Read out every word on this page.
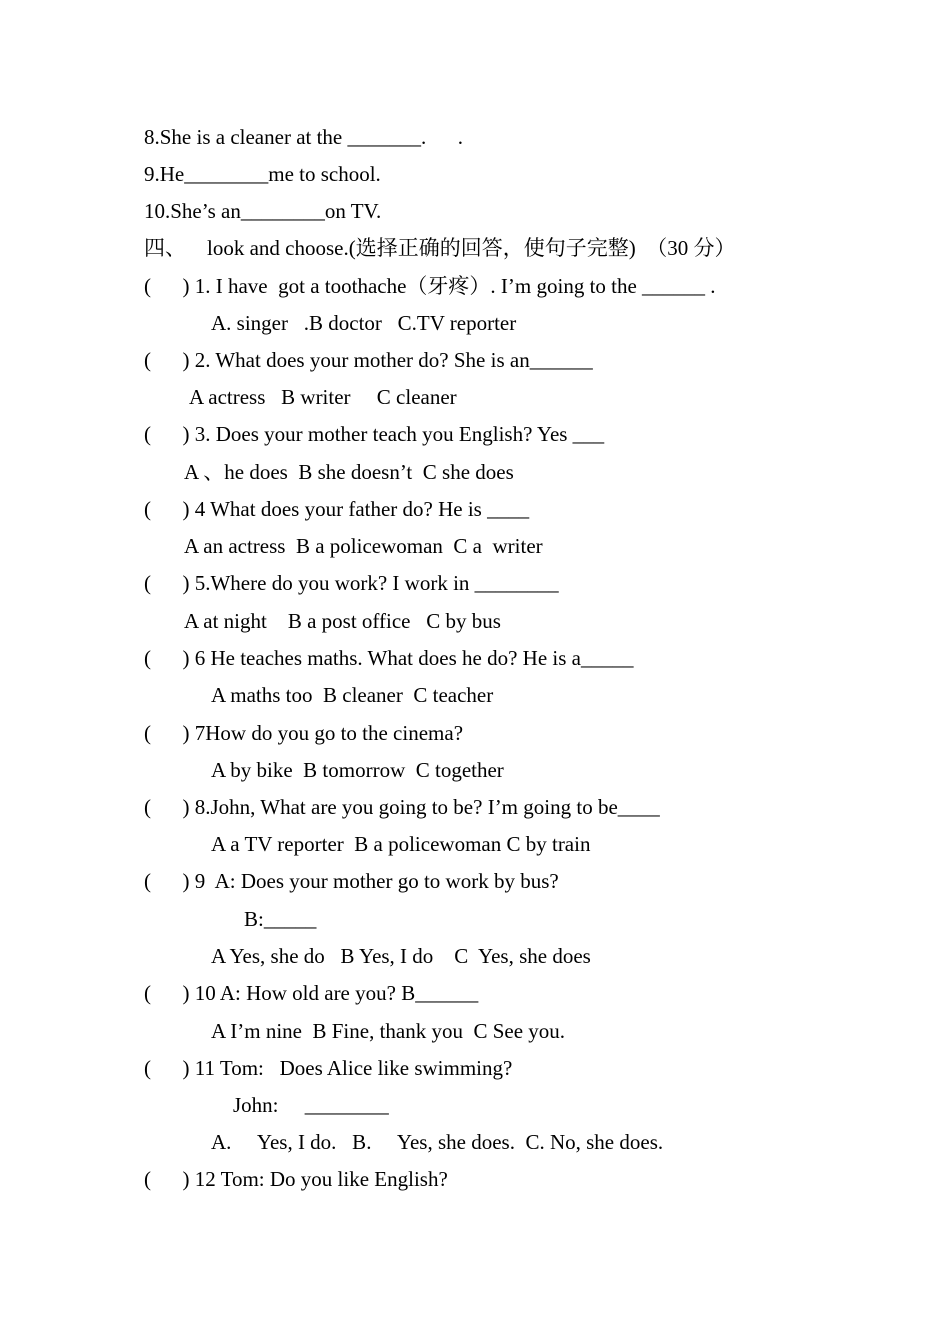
8.She is a cleaner at the _______.      .
9.He________me to school.
10.She’s an________on TV.
四、    look and choose.(选择正确的回答，使句子完整)  （30 分）
(      ) 1. I have  got a toothache（牙疼）. I’m going to the ______ .
A. singer   .B doctor   C.TV reporter
(      ) 2. What does your mother do? She is an______
A actress   B writer     C cleaner
(      ) 3. Does your mother teach you English? Yes ___
A 、he does  B she doesn’t  C she does
(      ) 4 What does your father do? He is ____
A an actress  B a policewoman  C a  writer
(      ) 5.Where do you work? I work in ________
A at night    B a post office   C by bus
(      ) 6 He teaches maths. What does he do? He is a_____
A maths too  B cleaner  C teacher
(      ) 7How do you go to the cinema?
A by bike  B tomorrow  C together
(      ) 8.John, What are you going to be? I’m going to be____
A a TV reporter  B a policewoman C by train
(      ) 9  A: Does your mother go to work by bus?
B:_____
A Yes, she do   B Yes, I do    C  Yes, she does
(      ) 10 A: How old are you? B______
A I’m nine  B Fine, thank you  C See you.
(      ) 11 Tom:   Does Alice like swimming?
John:     ________
A.     Yes, I do.   B.     Yes, she does.  C. No, she does.
(      ) 12 Tom: Do you like English?
